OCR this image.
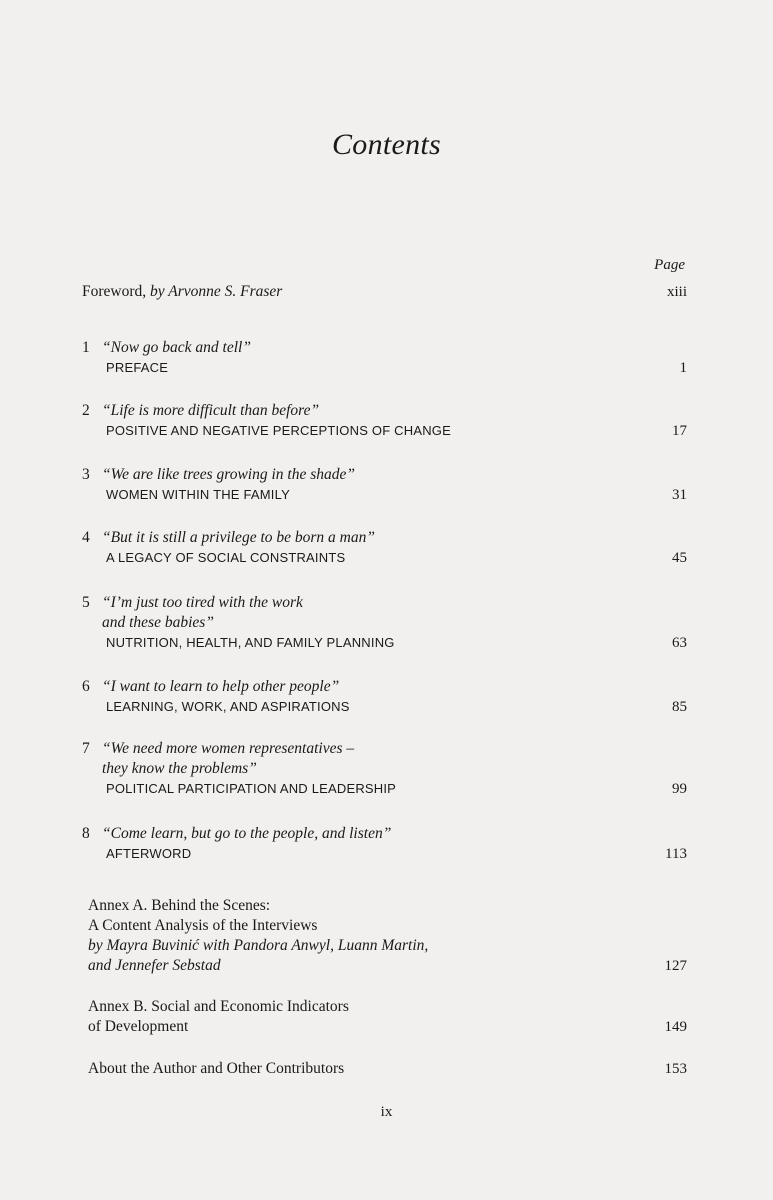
Contents
Page
Foreword, by Arvonne S. Fraser	xiii
1 “Now go back and tell”
PREFACE	1
2 “Life is more difficult than before”
POSITIVE AND NEGATIVE PERCEPTIONS OF CHANGE	17
3 “We are like trees growing in the shade”
WOMEN WITHIN THE FAMILY	31
4 “But it is still a privilege to be born a man”
A LEGACY OF SOCIAL CONSTRAINTS	45
5 “I’m just too tired with the work
and these babies”
NUTRITION, HEALTH, AND FAMILY PLANNING	63
6 “I want to learn to help other people”
LEARNING, WORK, AND ASPIRATIONS	85
7 “We need more women representatives –
they know the problems”
POLITICAL PARTICIPATION AND LEADERSHIP	99
8 “Come learn, but go to the people, and listen”
AFTERWORD	113
Annex A. Behind the Scenes:
A Content Analysis of the Interviews
by Mayra Buvinić with Pandora Anwyl, Luann Martin,
and Jennefer Sebstad	127
Annex B. Social and Economic Indicators
of Development	149
About the Author and Other Contributors	153
ix
